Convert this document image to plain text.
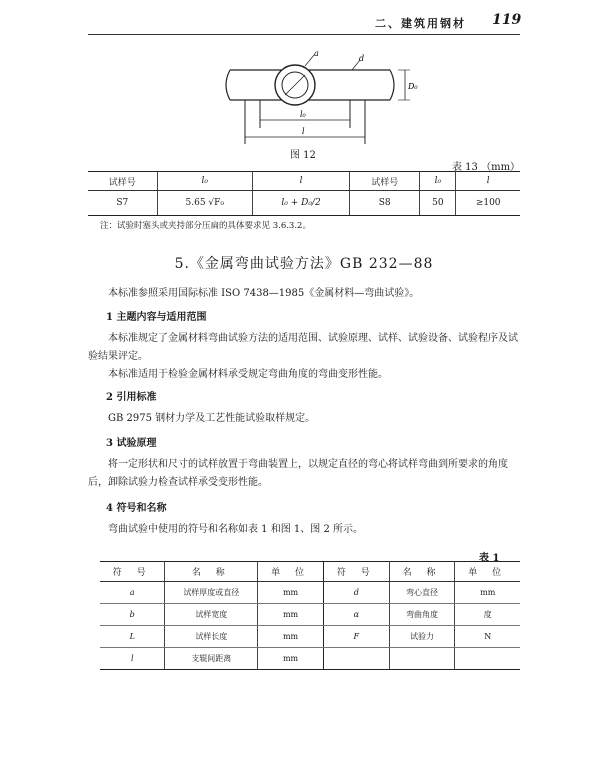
二、建筑用钢材 119
a
d
D₀
l₀
l
图 12
表 13 （mm）
试样号	l₀	l	试样号	l₀	l
S7	5.65 √F₀	l₀ + D₀/2	S8	50	≥100
注：试验时塞头或夹持部分压扁的具体要求见 3.6.3.2。
5.《金属弯曲试验方法》GB 232—88
本标准参照采用国际标准 ISO 7438—1985《金属材料—弯曲试验》。
1 主题内容与适用范围
本标准规定了金属材料弯曲试验方法的适用范围、试验原理、试样、试验设备、试验程序及试验结果评定。
本标准适用于检验金属材料承受规定弯曲角度的弯曲变形性能。
2 引用标准
GB 2975 钢材力学及工艺性能试验取样规定。
3 试验原理
将一定形状和尺寸的试样放置于弯曲装置上，以规定直径的弯心将试样弯曲到所要求的角度后，卸除试验力检查试样承受变形性能。
4 符号和名称
弯曲试验中使用的符号和名称如表 1 和图 1、图 2 所示。
表 1
符 号	名 称	单 位	符 号	名 称	单 位
a	试样厚度或直径	mm	d	弯心直径	mm
b	试样宽度	mm	α	弯曲角度	度
L	试样长度	mm	F	试验力	N
l	支辊间距离	mm			
